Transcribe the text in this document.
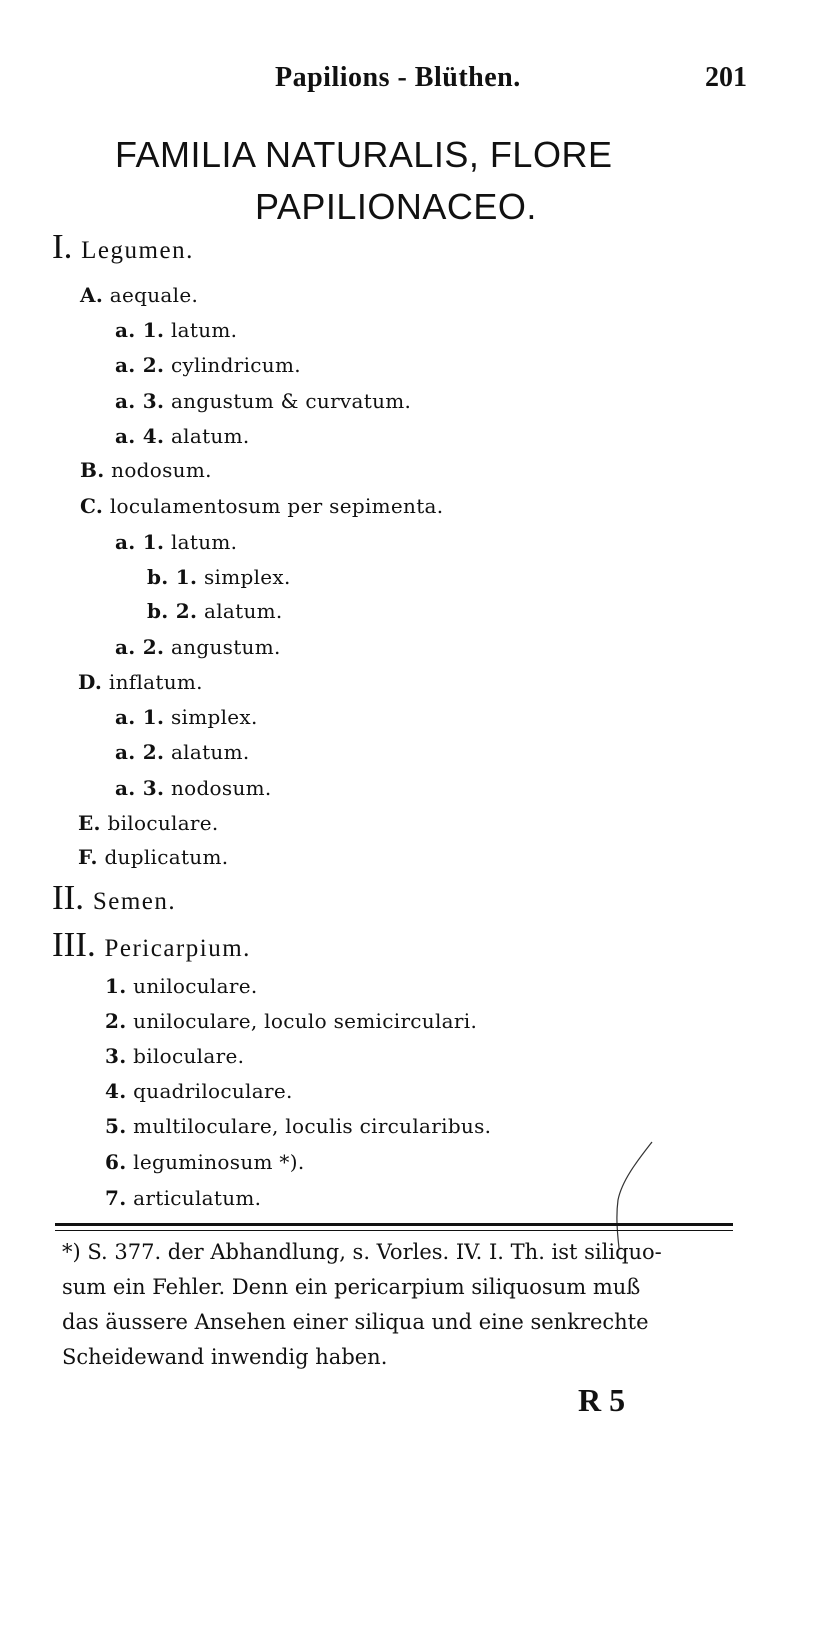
Papilions - Blüthen.	201
FAMILIA NATURALIS, FLORE
PAPILIONACEO.
I. Legumen.
A. aequale.
a. 1. latum.
a. 2. cylindricum.
a. 3. angustum & curvatum.
a. 4. alatum.
B. nodosum.
C. loculamentosum per sepimenta.
a. 1. latum.
b. 1. simplex.
b. 2. alatum.
a. 2. angustum.
D. inflatum.
a. 1. simplex.
a. 2. alatum.
a. 3. nodosum.
E. biloculare.
F. duplicatum.
II. Semen.
III. Pericarpium.
1. uniloculare.
2. uniloculare, loculo semicirculari.
3. biloculare.
4. quadriloculare.
5. multiloculare, loculis circularibus.
6. leguminosum *).
7. articulatum.
*) S. 377. der Abhandlung, s. Vorles. IV. I. Th. ist siliquo-
sum ein Fehler. Denn ein pericarpium siliquosum muß
das äussere Ansehen einer siliqua und eine senkrechte
Scheidewand inwendig haben.
R 5
